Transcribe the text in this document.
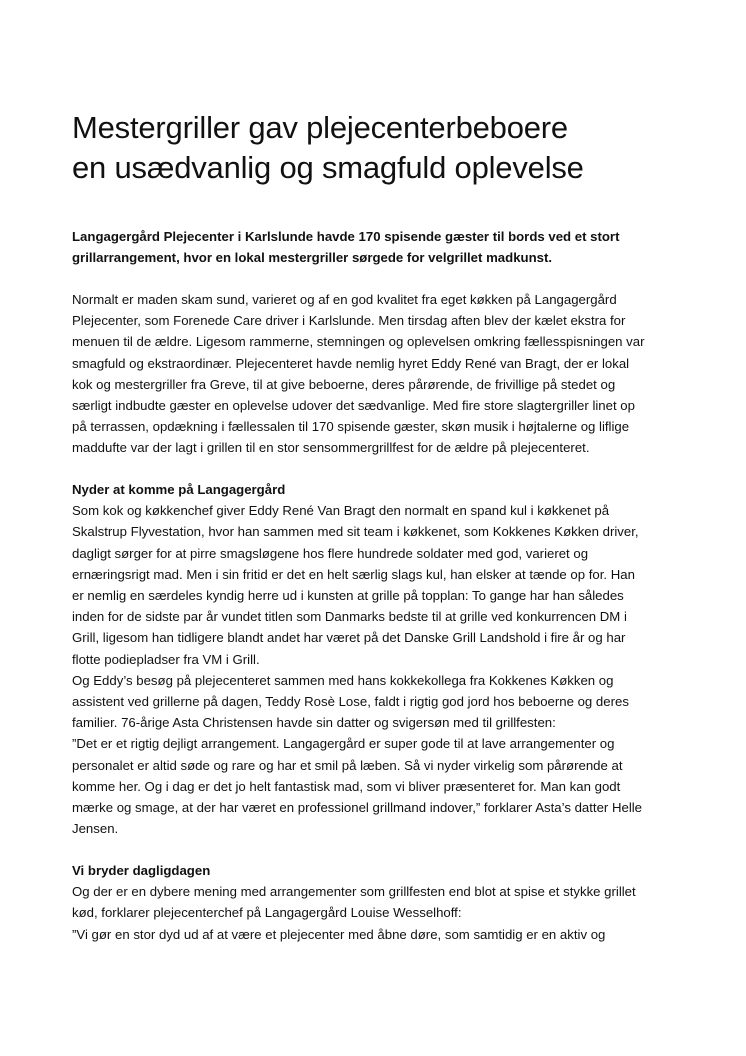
Mestergriller gav plejecenterbeboere
en usædvanlig og smagfuld oplevelse
Langagergård Plejecenter i Karlslunde havde 170 spisende gæster til bords ved et stort
grillarrangement, hvor en lokal mestergriller sørgede for velgrillet madkunst.
Normalt er maden skam sund, varieret og af en god kvalitet fra eget køkken på Langagergård
Plejecenter, som Forenede Care driver i Karlslunde. Men tirsdag aften blev der kælet ekstra for
menuen til de ældre. Ligesom rammerne, stemningen og oplevelsen omkring fællesspisningen var
smagfuld og ekstraordinær. Plejecenteret havde nemlig hyret Eddy René van Bragt, der er lokal
kok og mestergriller fra Greve, til at give beboerne, deres pårørende, de frivillige på stedet og
særligt indbudte gæster en oplevelse udover det sædvanlige. Med fire store slagtergriller linet op
på terrassen, opdækning i fællessalen til 170 spisende gæster, skøn musik i højtalerne og liflige
maddufte var der lagt i grillen til en stor sensommergrillfest for de ældre på plejecenteret.
Nyder at komme på Langagergård
Som kok og køkkenchef giver Eddy René Van Bragt den normalt en spand kul i køkkenet på
Skalstrup Flyvestation, hvor han sammen med sit team i køkkenet, som Kokkenes Køkken driver,
dagligt sørger for at pirre smagsløgene hos flere hundrede soldater med god, varieret og
ernæringsrigt mad. Men i sin fritid er det en helt særlig slags kul, han elsker at tænde op for. Han
er nemlig en særdeles kyndig herre ud i kunsten at grille på topplan: To gange har han således
inden for de sidste par år vundet titlen som Danmarks bedste til at grille ved konkurrencen DM i
Grill, ligesom han tidligere blandt andet har været på det Danske Grill Landshold i fire år og har
flotte podiepladser fra VM i Grill.
Og Eddy’s besøg på plejecenteret sammen med hans kokkekollega fra Kokkenes Køkken og
assistent ved grillerne på dagen, Teddy Rosè Lose, faldt i rigtig god jord hos beboerne og deres
familier. 76-årige Asta Christensen havde sin datter og svigersøn med til grillfesten:
”Det er et rigtig dejligt arrangement. Langagergård er super gode til at lave arrangementer og
personalet er altid søde og rare og har et smil på læben. Så vi nyder virkelig som pårørende at
komme her. Og i dag er det jo helt fantastisk mad, som vi bliver præsenteret for. Man kan godt
mærke og smage, at der har været en professionel grillmand indover,” forklarer Asta’s datter Helle
Jensen.
Vi bryder dagligdagen
Og der er en dybere mening med arrangementer som grillfesten end blot at spise et stykke grillet
kød, forklarer plejecenterchef på Langagergård Louise Wesselhoff:
”Vi gør en stor dyd ud af at være et plejecenter med åbne døre, som samtidig er en aktiv og
